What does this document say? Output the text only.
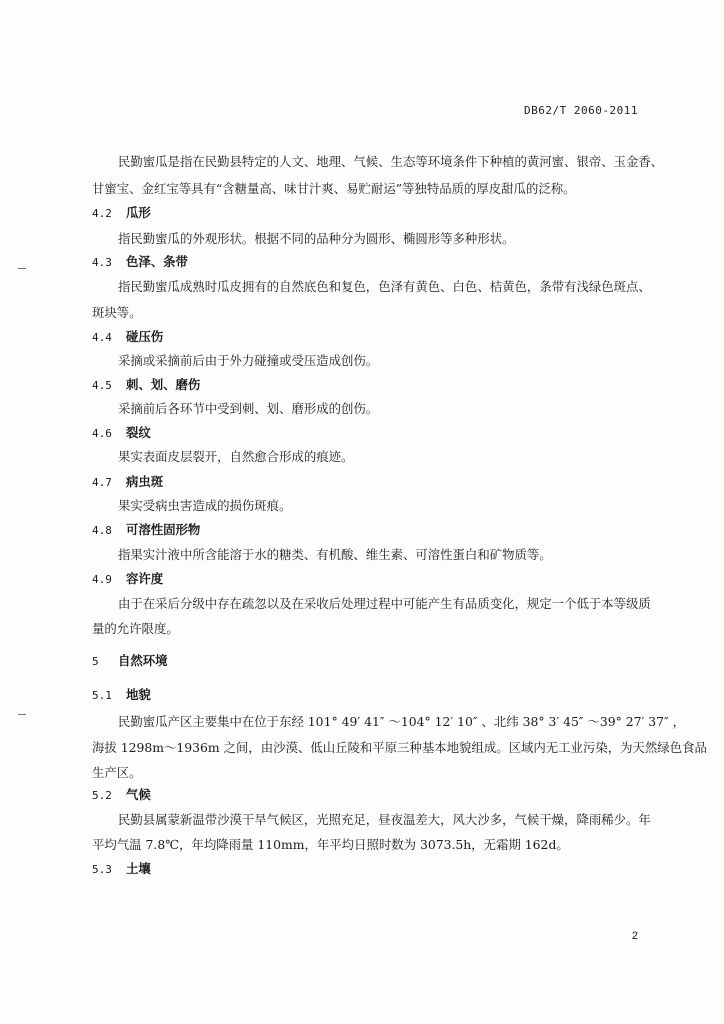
DB62/T 2060-2011
民勤蜜瓜是指在民勤县特定的人文、地理、气候、生态等环境条件下种植的黄河蜜、银帝、玉金香、
甘蜜宝、金红宝等具有“含糖量高、味甘汁爽、易贮耐运”等独特品质的厚皮甜瓜的泛称。
4.2 瓜形
指民勤蜜瓜的外观形状。根据不同的品种分为圆形、椭圆形等多种形状。
4.3 色泽、条带
指民勤蜜瓜成熟时瓜皮拥有的自然底色和复色，色泽有黄色、白色、桔黄色，条带有浅绿色斑点、
斑块等。
4.4 碰压伤
采摘或采摘前后由于外力碰撞或受压造成创伤。
4.5 刺、划、磨伤
采摘前后各环节中受到刺、划、磨形成的创伤。
4.6 裂纹
果实表面皮层裂开，自然愈合形成的痕迹。
4.7 病虫斑
果实受病虫害造成的损伤斑痕。
4.8 可溶性固形物
指果实汁液中所含能溶于水的糖类、有机酸、维生素、可溶性蛋白和矿物质等。
4.9 容许度
由于在采后分级中存在疏忽以及在采收后处理过程中可能产生有品质变化，规定一个低于本等级质
量的允许限度。
5 自然环境
5.1 地貌
民勤蜜瓜产区主要集中在位于东经 101° 49′ 41″ ～104° 12′ 10″ 、北纬 38° 3′ 45″ ～39° 27′ 37″ ，
海拔 1298m～1936m 之间，由沙漠、低山丘陵和平原三种基本地貌组成。区域内无工业污染，为天然绿色食品
生产区。
5.2 气候
民勤县属蒙新温带沙漠干旱气候区，光照充足，昼夜温差大，风大沙多，气候干燥，降雨稀少。年
平均气温 7.8℃，年均降雨量 110mm，年平均日照时数为 3073.5h，无霜期 162d。
5.3 土壤
2
